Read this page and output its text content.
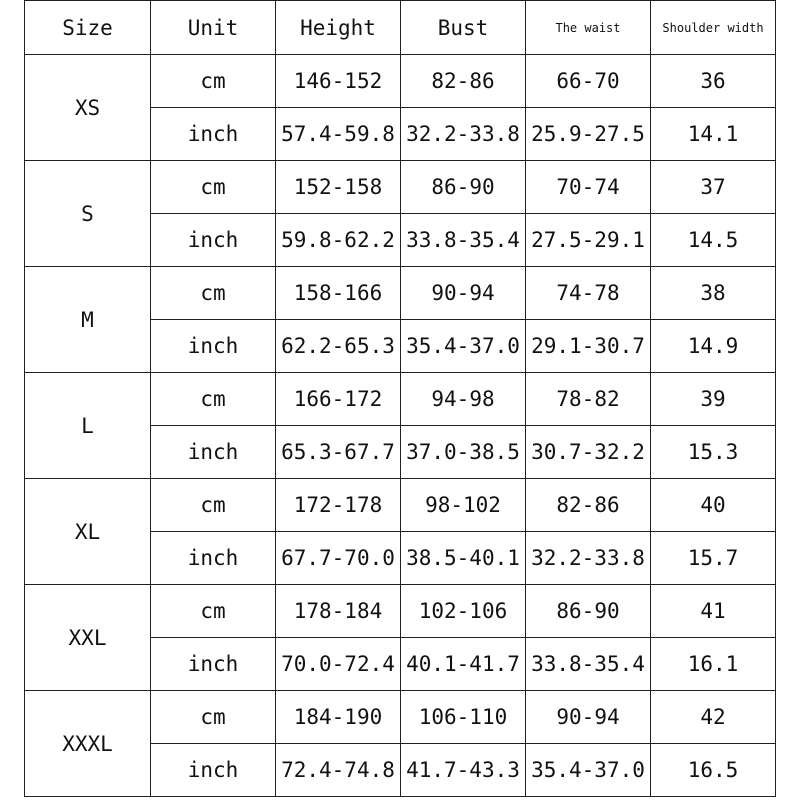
Size	Unit	Height	Bust	The waist	Shoulder width
XS	cm	146-152	82-86	66-70	36
	inch	57.4-59.8	32.2-33.8	25.9-27.5	14.1
S	cm	152-158	86-90	70-74	37
	inch	59.8-62.2	33.8-35.4	27.5-29.1	14.5
M	cm	158-166	90-94	74-78	38
	inch	62.2-65.3	35.4-37.0	29.1-30.7	14.9
L	cm	166-172	94-98	78-82	39
	inch	65.3-67.7	37.0-38.5	30.7-32.2	15.3
XL	cm	172-178	98-102	82-86	40
	inch	67.7-70.0	38.5-40.1	32.2-33.8	15.7
XXL	cm	178-184	102-106	86-90	41
	inch	70.0-72.4	40.1-41.7	33.8-35.4	16.1
XXXL	cm	184-190	106-110	90-94	42
	inch	72.4-74.8	41.7-43.3	35.4-37.0	16.5
